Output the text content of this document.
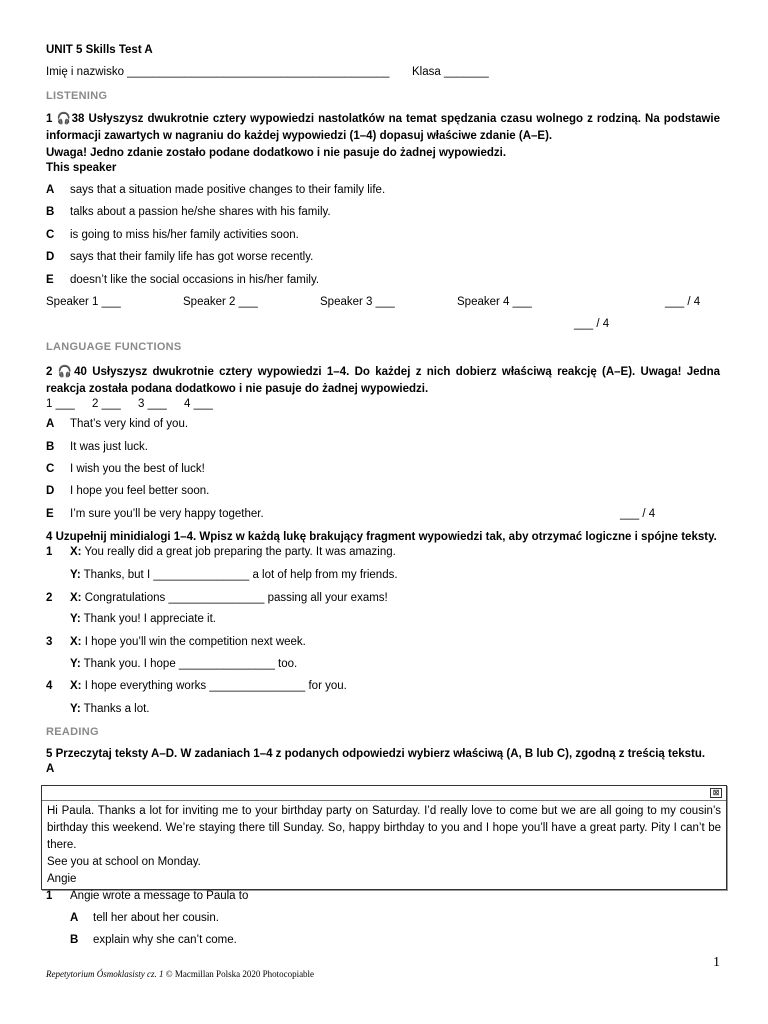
UNIT 5 Skills Test A
Imię i nazwisko _________________________________________ Klasa _______
LISTENING
1 🎧38 Usłyszysz dwukrotnie cztery wypowiedzi nastolatków na temat spędzania czasu wolnego z rodziną. Na podstawie informacji zawartych w nagraniu do każdej wypowiedzi (1–4) dopasuj właściwe zdanie (A–E).
Uwaga! Jedno zdanie zostało podane dodatkowo i nie pasuje do żadnej wypowiedzi.
This speaker
A says that a situation made positive changes to their family life.
B talks about a passion he/she shares with his family.
C is going to miss his/her family activities soon.
D says that their family life has got worse recently.
E doesn’t like the social occasions in his/her family.
Speaker 1 ___	Speaker 2 ___	Speaker 3 ___	Speaker 4 ___	___ / 4
___ / 4
LANGUAGE FUNCTIONS
2 🎧40 Usłyszysz dwukrotnie cztery wypowiedzi 1–4. Do każdej z nich dobierz właściwą reakcję (A–E). Uwaga! Jedna reakcja została podana dodatkowo i nie pasuje do żadnej wypowiedzi.
1 ___ 2 ___ 3 ___ 4 ___
A That’s very kind of you.
B It was just luck.
C I wish you the best of luck!
D I hope you feel better soon.
E I’m sure you’ll be very happy together.	___ / 4
4 Uzupełnij minidialogi 1–4. Wpisz w każdą lukę brakujący fragment wypowiedzi tak, aby otrzymać logiczne i spójne teksty.
1 X: You really did a great job preparing the party. It was amazing.
Y: Thanks, but I _______________ a lot of help from my friends.
2 X: Congratulations _______________ passing all your exams!
Y: Thank you! I appreciate it.
3 X: I hope you’ll win the competition next week.
Y: Thank you. I hope _______________ too.
4 X: I hope everything works _______________ for you.
Y: Thanks a lot.
READING
5 Przeczytaj teksty A–D. W zadaniach 1–4 z podanych odpowiedzi wybierz właściwą (A, B lub C), zgodną z treścią tekstu.
A
⊠
Hi Paula. Thanks a lot for inviting me to your birthday party on Saturday. I’d really love to come but we are all going to my cousin’s birthday this weekend. We’re staying there till Sunday. So, happy birthday to you and I hope you’ll have a great party. Pity I can’t be there.
See you at school on Monday.
Angie
1 Angie wrote a message to Paula to
A tell her about her cousin.
B explain why she can’t come.
1
Repetytorium Ósmoklasisty cz. 1 © Macmillan Polska 2020 Photocopiable
